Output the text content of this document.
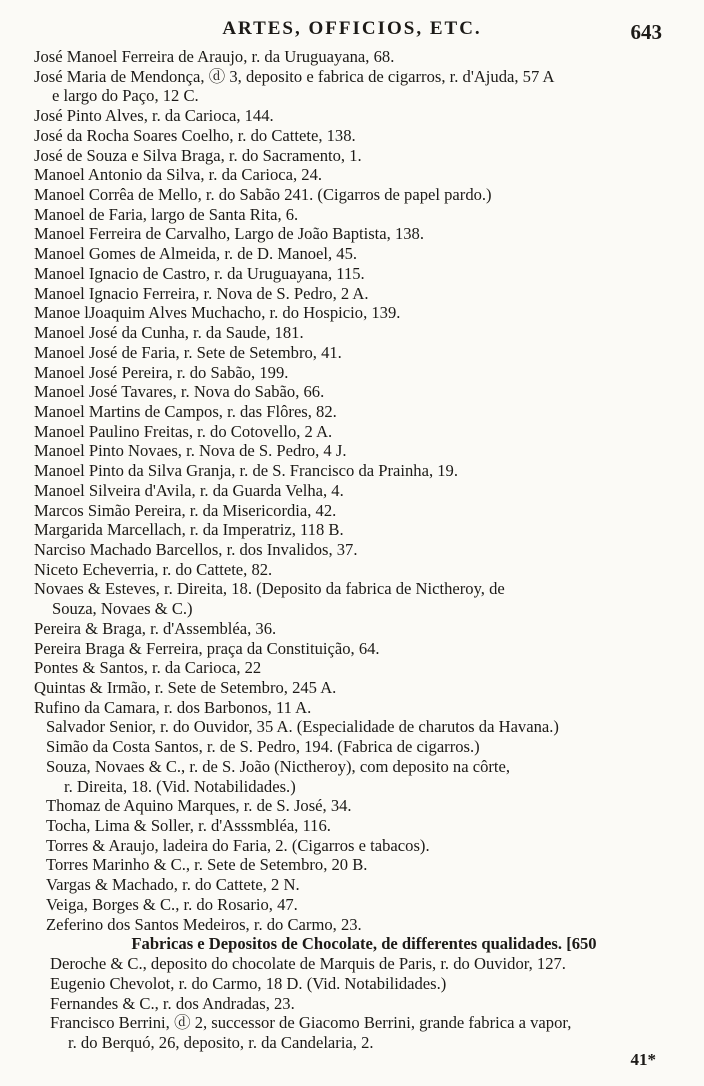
ARTES, OFFICIOS, ETC.	643
José Manoel Ferreira de Araujo, r. da Uruguayana, 68.
José Maria de Mendonça, ⓓ 3, deposito e fabrica de cigarros, r. d'Ajuda, 57 A
e largo do Paço, 12 C.
José Pinto Alves, r. da Carioca, 144.
José da Rocha Soares Coelho, r. do Cattete, 138.
José de Souza e Silva Braga, r. do Sacramento, 1.
Manoel Antonio da Silva, r. da Carioca, 24.
Manoel Corrêa de Mello, r. do Sabão 241. (Cigarros de papel pardo.)
Manoel de Faria, largo de Santa Rita, 6.
Manoel Ferreira de Carvalho, Largo de João Baptista, 138.
Manoel Gomes de Almeida, r. de D. Manoel, 45.
Manoel Ignacio de Castro, r. da Uruguayana, 115.
Manoel Ignacio Ferreira, r. Nova de S. Pedro, 2 A.
Manoe lJoaquim Alves Muchacho, r. do Hospicio, 139.
Manoel José da Cunha, r. da Saude, 181.
Manoel José de Faria, r. Sete de Setembro, 41.
Manoel José Pereira, r. do Sabão, 199.
Manoel José Tavares, r. Nova do Sabão, 66.
Manoel Martins de Campos, r. das Flôres, 82.
Manoel Paulino Freitas, r. do Cotovello, 2 A.
Manoel Pinto Novaes, r. Nova de S. Pedro, 4 J.
Manoel Pinto da Silva Granja, r. de S. Francisco da Prainha, 19.
Manoel Silveira d'Avila, r. da Guarda Velha, 4.
Marcos Simão Pereira, r. da Misericordia, 42.
Margarida Marcellach, r. da Imperatriz, 118 B.
Narciso Machado Barcellos, r. dos Invalidos, 37.
Niceto Echeverria, r. do Cattete, 82.
Novaes & Esteves, r. Direita, 18. (Deposito da fabrica de Nictheroy, de
Souza, Novaes & C.)
Pereira & Braga, r. d'Assembléa, 36.
Pereira Braga & Ferreira, praça da Constituição, 64.
Pontes & Santos, r. da Carioca, 22
Quintas & Irmão, r. Sete de Setembro, 245 A.
Rufino da Camara, r. dos Barbonos, 11 A.
Salvador Senior, r. do Ouvidor, 35 A. (Especialidade de charutos da Havana.)
Simão da Costa Santos, r. de S. Pedro, 194. (Fabrica de cigarros.)
Souza, Novaes & C., r. de S. João (Nictheroy), com deposito na côrte,
r. Direita, 18. (Vid. Notabilidades.)
Thomaz de Aquino Marques, r. de S. José, 34.
Tocha, Lima & Soller, r. d'Asssmbléa, 116.
Torres & Araujo, ladeira do Faria, 2. (Cigarros e tabacos).
Torres Marinho & C., r. Sete de Setembro, 20 B.
Vargas & Machado, r. do Cattete, 2 N.
Veiga, Borges & C., r. do Rosario, 47.
Zeferino dos Santos Medeiros, r. do Carmo, 23.
Fabricas e Depositos de Chocolate, de differentes qualidades. [650
Deroche & C., deposito do chocolate de Marquis de Paris, r. do Ouvidor, 127.
Eugenio Chevolot, r. do Carmo, 18 D. (Vid. Notabilidades.)
Fernandes & C., r. dos Andradas, 23.
Francisco Berrini, ⓓ 2, successor de Giacomo Berrini, grande fabrica a vapor,
r. do Berquó, 26, deposito, r. da Candelaria, 2.
41*
